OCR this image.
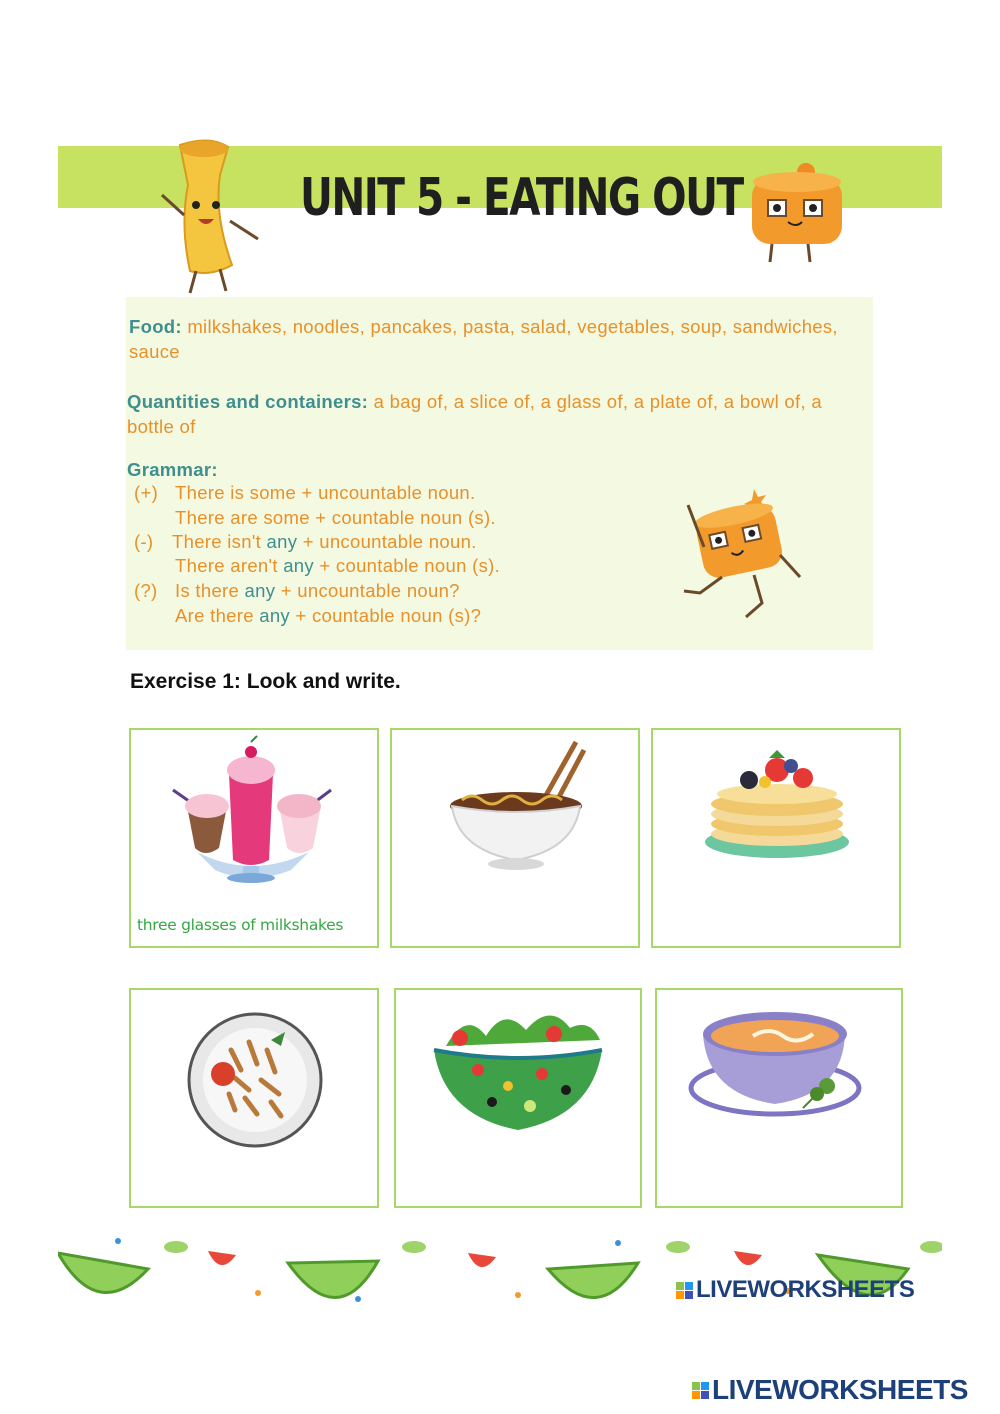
UNIT 5 - EATING OUT
Food: milkshakes, noodles, pancakes, pasta, salad, vegetables, soup, sandwiches, sauce
Quantities and containers: a bag of, a slice of, a glass of, a plate of, a bowl of, a bottle of
Grammar:
(+) There is some + uncountable noun.
There are some + countable noun (s).
(-) There isn't any + uncountable noun.
There aren't any + countable noun (s).
(?) Is there any + uncountable noun?
Are there any + countable noun (s)?
Exercise 1: Look and write.
three glasses of milkshakes
LIVEWORKSHEETS
LIVEWORKSHEETS
